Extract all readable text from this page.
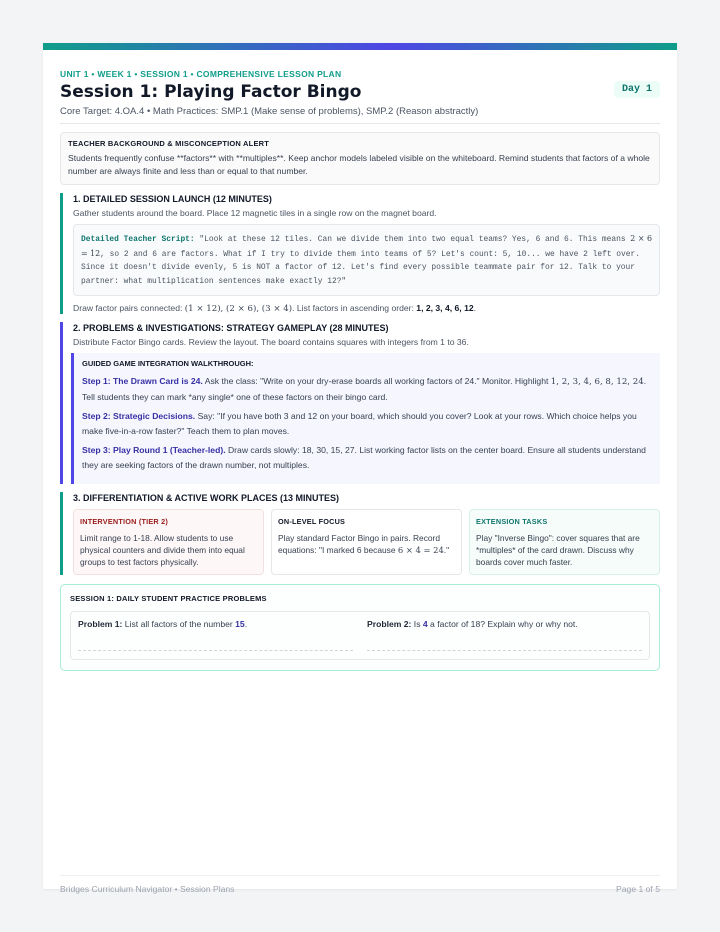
Day 1
UNIT 1 • WEEK 1 • SESSION 1 • COMPREHENSIVE LESSON PLAN
Session 1: Playing Factor Bingo
Core Target: 4.OA.4 • Math Practices: SMP.1 (Make sense of problems), SMP.2 (Reason abstractly)
TEACHER BACKGROUND & MISCONCEPTION ALERT
Students frequently confuse **factors** with **multiples**. Keep anchor models labeled visible on the whiteboard. Remind students that factors of a whole number are always finite and less than or equal to that number.
1. DETAILED SESSION LAUNCH (12 MINUTES)
Gather students around the board. Place 12 magnetic tiles in a single row on the magnet board.
Detailed Teacher Script: "Look at these 12 tiles. Can we divide them into two equal teams? Yes, 6 and 6. This means 2 × 6 = 12, so 2 and 6 are factors. What if I try to divide them into teams of 5? Let's count: 5, 10... we have 2 left over. Since it doesn't divide evenly, 5 is NOT a factor of 12. Let's find every possible teammate pair for 12. Talk to your partner: what multiplication sentences make exactly 12?"
Draw factor pairs connected: (1 × 12), (2 × 6), (3 × 4). List factors in ascending order: 1, 2, 3, 4, 6, 12.
2. PROBLEMS & INVESTIGATIONS: STRATEGY GAMEPLAY (28 MINUTES)
Distribute Factor Bingo cards. Review the layout. The board contains squares with integers from 1 to 36.
GUIDED GAME INTEGRATION WALKTHROUGH:
Step 1: The Drawn Card is 24. Ask the class: "Write on your dry-erase boards all working factors of 24." Monitor. Highlight 1, 2, 3, 4, 6, 8, 12, 24. Tell students they can mark *any single* one of these factors on their bingo card.
Step 2: Strategic Decisions. Say: "If you have both 3 and 12 on your board, which should you cover? Look at your rows. Which choice helps you make five-in-a-row faster?" Teach them to plan moves.
Step 3: Play Round 1 (Teacher-led). Draw cards slowly: 18, 30, 15, 27. List working factor lists on the center board. Ensure all students understand they are seeking factors of the drawn number, not multiples.
3. DIFFERENTIATION & ACTIVE WORK PLACES (13 MINUTES)
INTERVENTION (TIER 2)
Limit range to 1-18. Allow students to use physical counters and divide them into equal groups to test factors physically.
ON-LEVEL FOCUS
Play standard Factor Bingo in pairs. Record equations: "I marked 6 because 6 × 4 = 24."
EXTENSION TASKS
Play "Inverse Bingo": cover squares that are *multiples* of the card drawn. Discuss why boards cover much faster.
SESSION 1: DAILY STUDENT PRACTICE PROBLEMS
Problem 1: List all factors of the number 15.	Problem 2: Is 4 a factor of 18? Explain why or why not.
Bridges Curriculum Navigator • Session Plans	Page 1 of 5
